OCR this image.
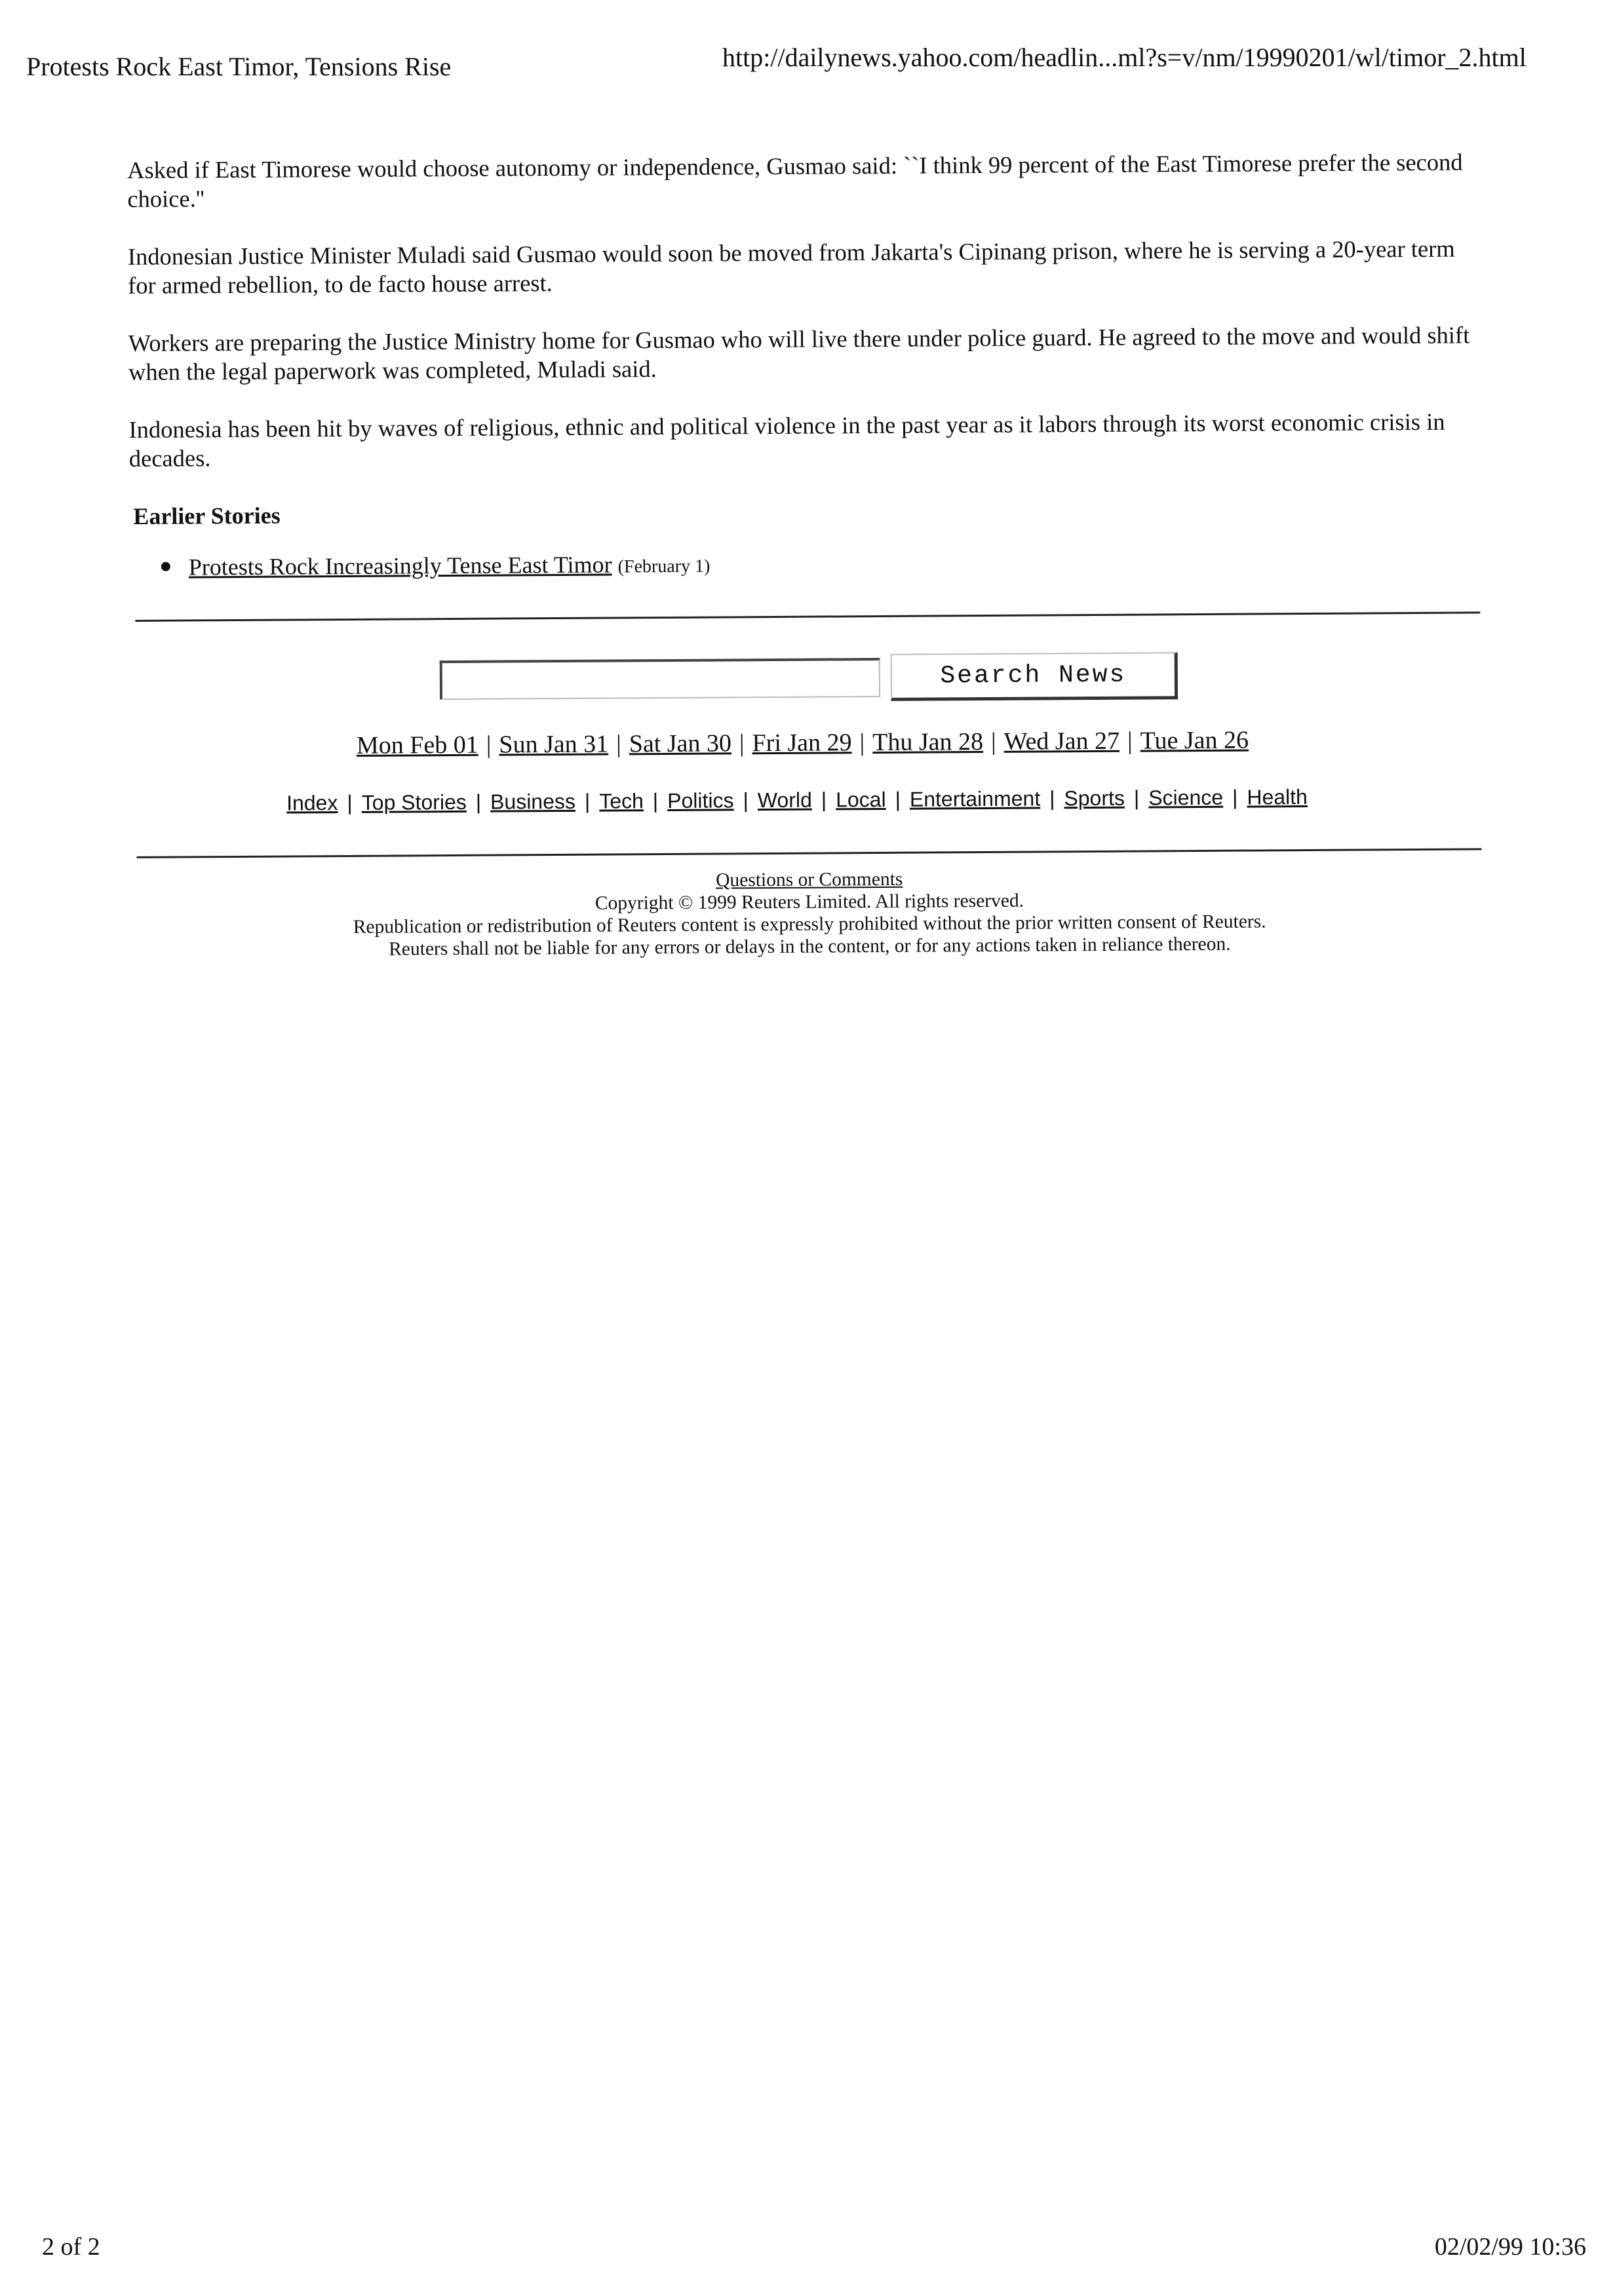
Protests Rock East Timor, Tensions Rise	http://dailynews.yahoo.com/headlin...ml?s=v/nm/19990201/wl/timor_2.html

Asked if East Timorese would choose autonomy or independence, Gusmao said: ``I think 99 percent of the East Timorese prefer the second choice.''

Indonesian Justice Minister Muladi said Gusmao would soon be moved from Jakarta's Cipinang prison, where he is serving a 20-year term for armed rebellion, to de facto house arrest.

Workers are preparing the Justice Ministry home for Gusmao who will live there under police guard. He agreed to the move and would shift when the legal paperwork was completed, Muladi said.

Indonesia has been hit by waves of religious, ethnic and political violence in the past year as it labors through its worst economic crisis in decades.

Earlier Stories
Protests Rock Increasingly Tense East Timor (February 1)
Search News
Mon Feb 01 | Sun Jan 31 | Sat Jan 30 | Fri Jan 29 | Thu Jan 28 | Wed Jan 27 | Tue Jan 26
Index | Top Stories | Business | Tech | Politics | World | Local | Entertainment | Sports | Science | Health
Questions or Comments
Copyright © 1999 Reuters Limited. All rights reserved.
Republication or redistribution of Reuters content is expressly prohibited without the prior written consent of Reuters.
Reuters shall not be liable for any errors or delays in the content, or for any actions taken in reliance thereon.
2 of 2	02/02/99 10:36
